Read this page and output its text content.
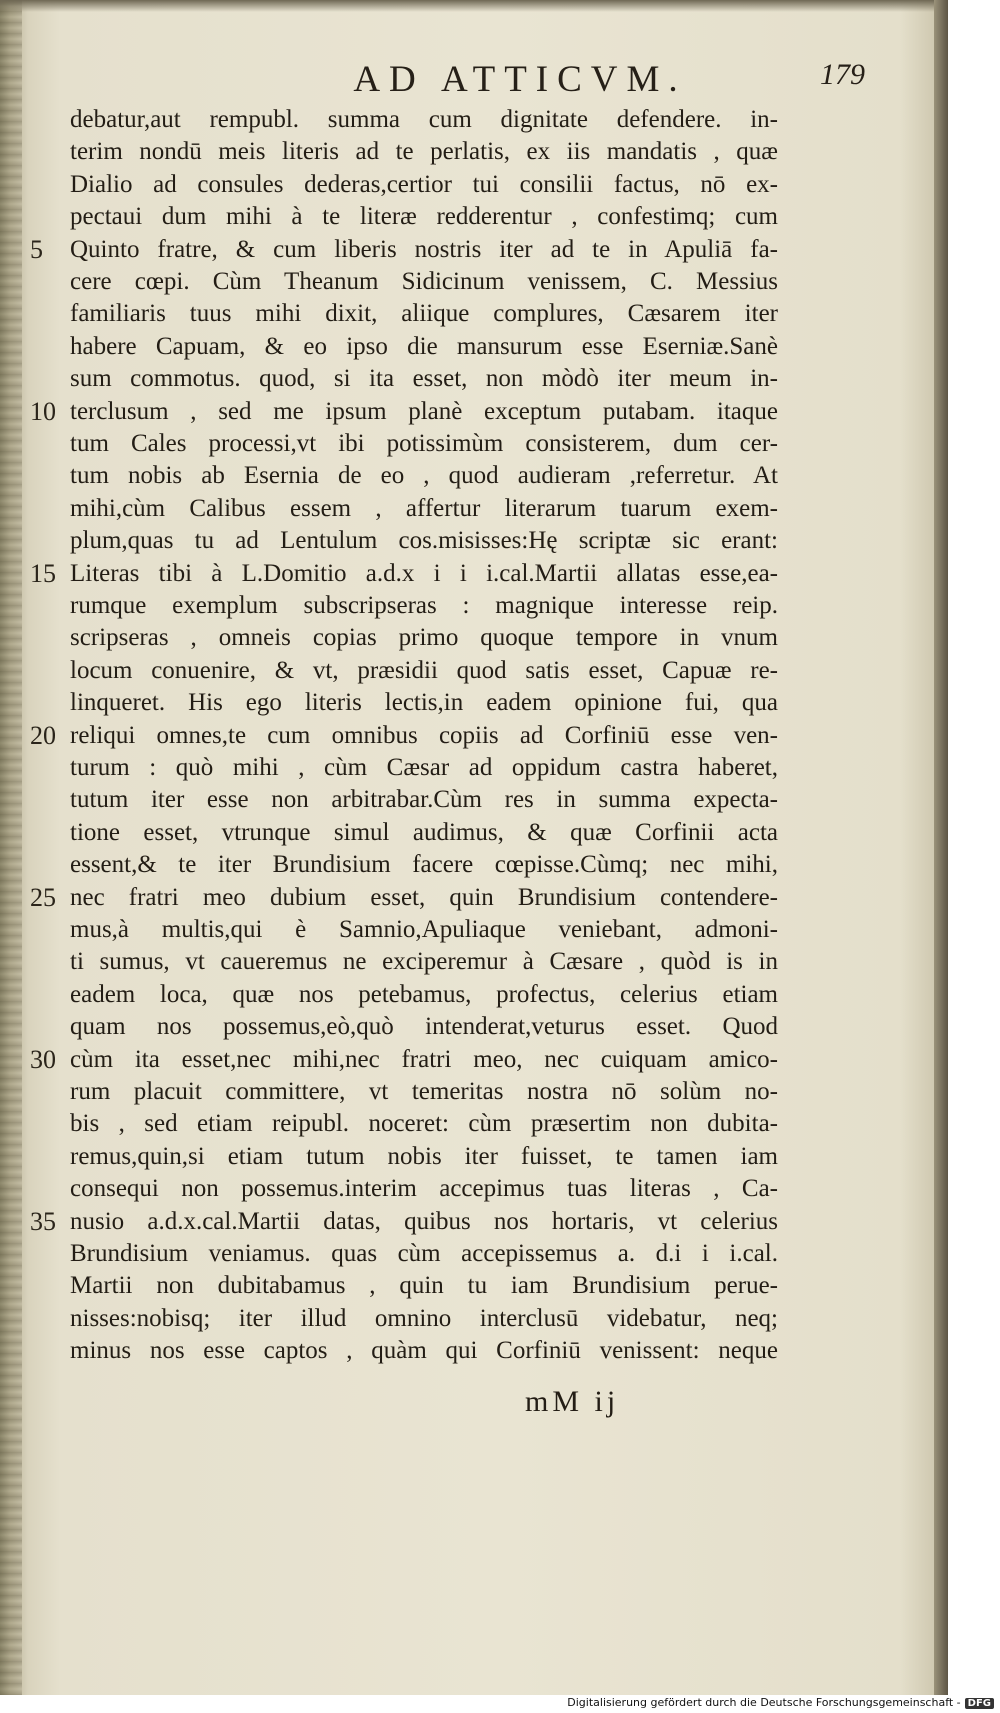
AD ATTICVM.	179
debatur,aut rempubl. summa cum dignitate defendere. in-
terim nondū meis literis ad te perlatis, ex iis mandatis , quæ
Dialio ad consules dederas,certior tui consilii factus, nō ex-
pectaui dum mihi à te literæ redderentur , confestimq; cum
Quinto fratre, & cum liberis nostris iter ad te in Apuliā fa-
cere cœpi. Cùm Theanum Sidicinum venissem, C. Messius
familiaris tuus mihi dixit, aliique complures, Cæsarem iter
habere Capuam, & eo ipso die mansurum esse Eserniæ.Sanè
sum commotus. quod, si ita esset, non mòdò iter meum in-
terclusum , sed me ipsum planè exceptum putabam. itaque
tum Cales processi,vt ibi potissimùm consisterem, dum cer-
tum nobis ab Esernia de eo , quod audieram ,referretur. At
mihi,cùm Calibus essem , affertur literarum tuarum exem-
plum,quas tu ad Lentulum cos.misisses:Hę scriptæ sic erant:
Literas tibi à L.Domitio a.d.x i i i.cal.Martii allatas esse,ea-
rumque exemplum subscripseras : magnique interesse reip.
scripseras , omneis copias primo quoque tempore in vnum
locum conuenire, & vt, præsidii quod satis esset, Capuæ re-
linqueret. His ego literis lectis,in eadem opinione fui, qua
reliqui omnes,te cum omnibus copiis ad Corfiniū esse ven-
turum : quò mihi , cùm Cæsar ad oppidum castra haberet,
tutum iter esse non arbitrabar.Cùm res in summa expecta-
tione esset, vtrunque simul audimus, & quæ Corfinii acta
essent,& te iter Brundisium facere cœpisse.Cùmq; nec mihi,
nec fratri meo dubium esset, quin Brundisium contendere-
mus,à multis,qui è Samnio,Apuliaque veniebant, admoni-
ti sumus, vt caueremus ne exciperemur à Cæsare , quòd is in
eadem loca, quæ nos petebamus, profectus, celerius etiam
quam nos possemus,eò,quò intenderat,veturus esset. Quod
cùm ita esset,nec mihi,nec fratri meo, nec cuiquam amico-
rum placuit committere, vt temeritas nostra nō solùm no-
bis , sed etiam reipubl. noceret: cùm præsertim non dubita-
remus,quin,si etiam tutum nobis iter fuisset, te tamen iam
consequi non possemus.interim accepimus tuas literas , Ca-
nusio a.d.x.cal.Martii datas, quibus nos hortaris, vt celerius
Brundisium veniamus. quas cùm accepissemus a. d.i i i.cal.
Martii non dubitabamus , quin tu iam Brundisium perue-
nisses:nobisq; iter illud omnino interclusū videbatur, neq;
minus nos esse captos , quàm qui Corfiniū venissent: neque
5
10
15
20
25
30
35
mM ij
Digitalisierung gefördert durch die Deutsche Forschungsgemeinschaft - DFG
